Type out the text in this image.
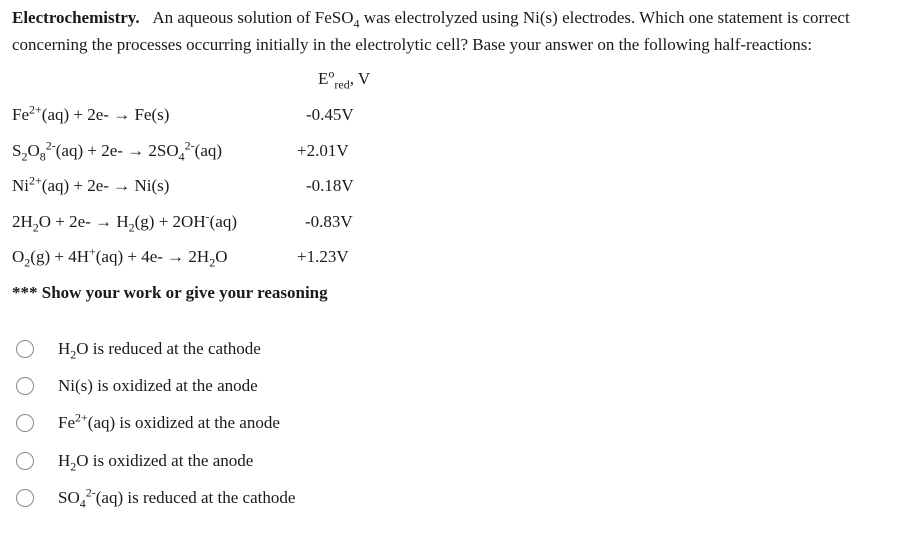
Electrochemistry. An aqueous solution of FeSO$_4$ was electrolyzed using Ni(s) electrodes. Which one statement is correct concerning the processes occurring initially in the electrolytic cell? Base your answer on the following half-reactions:
$E^o_{red}$, V
$Fe^{2+}(aq) + 2e- \to Fe(s)$	-0.45V
$S_2O_8^{2-}(aq) + 2e- \to 2SO_4^{2-}(aq)$	+2.01V
$Ni^{2+}(aq) + 2e- \to Ni(s)$	-0.18V
$2H_2O + 2e- \to H_2(g) + 2OH^-(aq)$	-0.83V
$O_2(g) + 4H^+(aq) + 4e- \to 2H_2O$	+1.23V
*** Show your work or give your reasoning
$H_2O$ is reduced at the cathode
Ni(s) is oxidized at the anode
$Fe^{2+}(aq)$ is oxidized at the anode
$H_2O$ is oxidized at the anode
$SO_4^{2-}(aq)$ is reduced at the cathode
